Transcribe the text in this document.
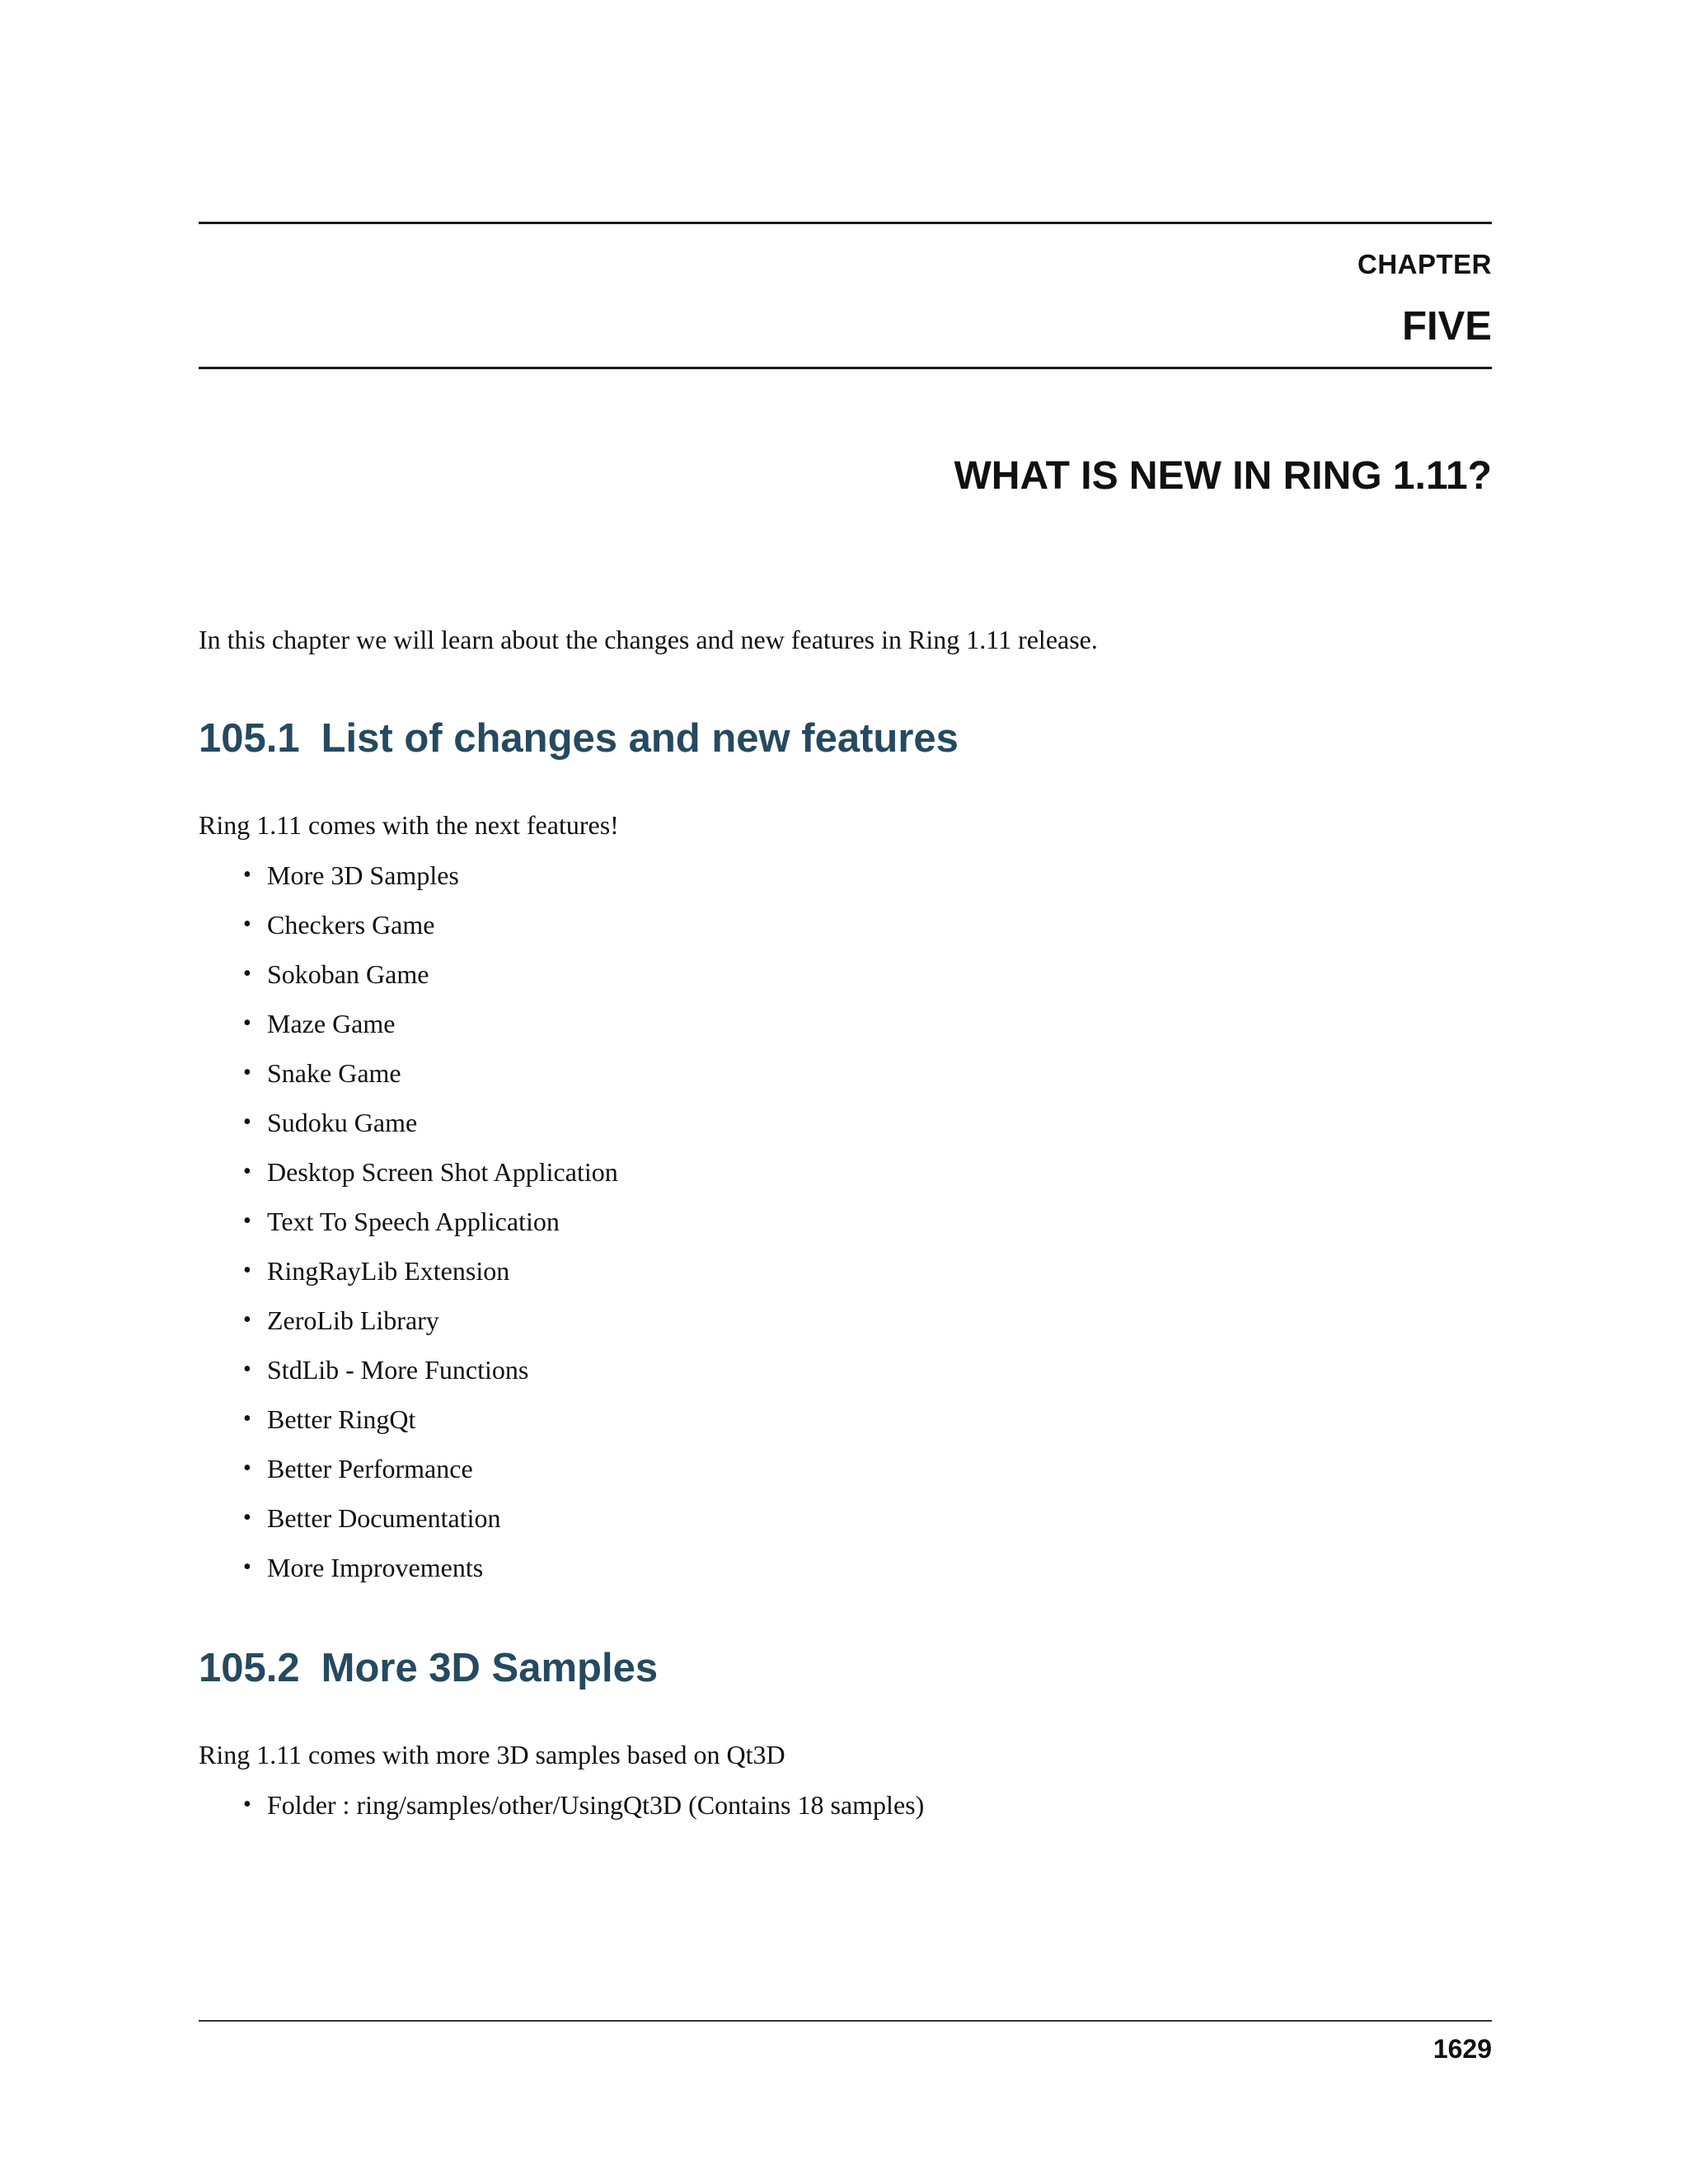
CHAPTER
FIVE
WHAT IS NEW IN RING 1.11?
In this chapter we will learn about the changes and new features in Ring 1.11 release.
105.1 List of changes and new features
Ring 1.11 comes with the next features!
• More 3D Samples
• Checkers Game
• Sokoban Game
• Maze Game
• Snake Game
• Sudoku Game
• Desktop Screen Shot Application
• Text To Speech Application
• RingRayLib Extension
• ZeroLib Library
• StdLib - More Functions
• Better RingQt
• Better Performance
• Better Documentation
• More Improvements
105.2 More 3D Samples
Ring 1.11 comes with more 3D samples based on Qt3D
• Folder : ring/samples/other/UsingQt3D (Contains 18 samples)
1629
